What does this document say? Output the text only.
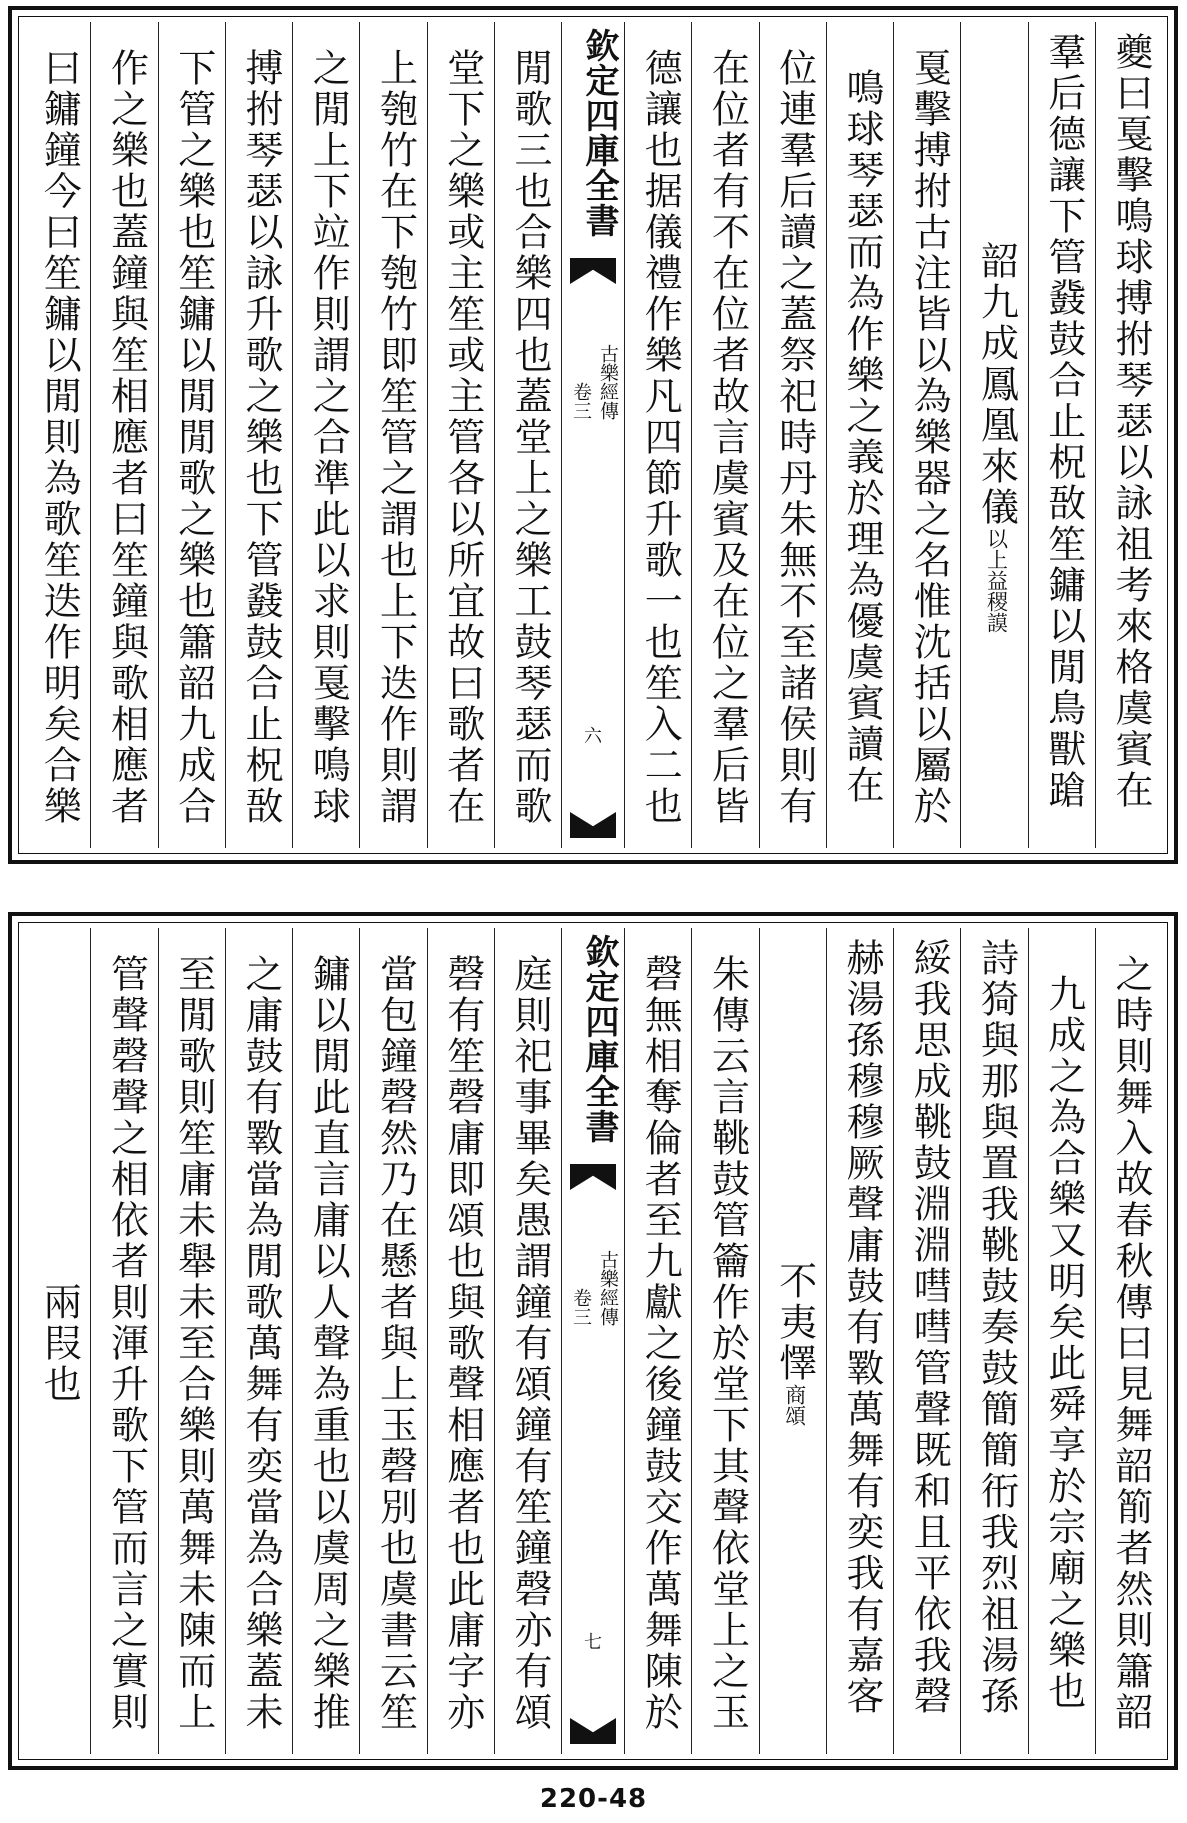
夔曰戛擊鳴球搏拊琴瑟以詠祖考來格虞賓在
羣后德讓下管鼗鼓合止柷敔笙鏞以閒鳥獸蹌
韶九成鳳凰來儀
以上益稷謨
戛擊搏拊古注皆以為樂器之名惟沈括以屬於
鳴球琴瑟而為作樂之義於理為優虞賓讀在
位連羣后讀之蓋祭祀時丹朱無不至諸侯則有
在位者有不在位者故言虞賓及在位之羣后皆
德讓也据儀禮作樂凡四節升歌一也笙入二也
欽定四庫全書
古樂經傳
卷三
六
閒歌三也合樂四也蓋堂上之樂工鼓琴瑟而歌
堂下之樂或主笙或主管各以所宜故曰歌者在
上匏竹在下匏竹即笙管之謂也上下迭作則謂
之閒上下竝作則謂之合準此以求則戛擊鳴球
搏拊琴瑟以詠升歌之樂也下管鼗鼓合止柷敔
下管之樂也笙鏞以閒閒歌之樂也簫韶九成合
作之樂也蓋鐘與笙相應者曰笙鐘與歌相應者
曰鏞鐘今曰笙鏞以閒則為歌笙迭作明矣合樂
之時則舞入故春秋傳曰見舞韶箾者然則簫韶
九成之為合樂又明矣此舜享於宗廟之樂也
詩猗與那與置我鞉鼓奏鼓簡簡衎我烈祖湯孫
綏我思成鞉鼓淵淵嘒嘒管聲既和且平依我磬
赫湯孫穆穆厥聲庸鼓有斁萬舞有奕我有嘉客
不夷懌
商頌
朱傳云言鞉鼓管籥作於堂下其聲依堂上之玉
磬無相奪倫者至九獻之後鐘鼓交作萬舞陳於
欽定四庫全書
古樂經傳
卷三
七
庭則祀事畢矣愚謂鐘有頌鐘有笙鐘磬亦有頌
磬有笙磬庸即頌也與歌聲相應者也此庸字亦
當包鐘磬然乃在懸者與上玉磬別也虞書云笙
鏞以閒此直言庸以人聲為重也以虞周之樂推
之庸鼓有斁當為閒歌萬舞有奕當為合樂蓋未
至閒歌則笙庸未舉未至合樂則萬舞未陳而上
管聲磬聲之相依者則渾升歌下管而言之實則
兩叚也
220-48
